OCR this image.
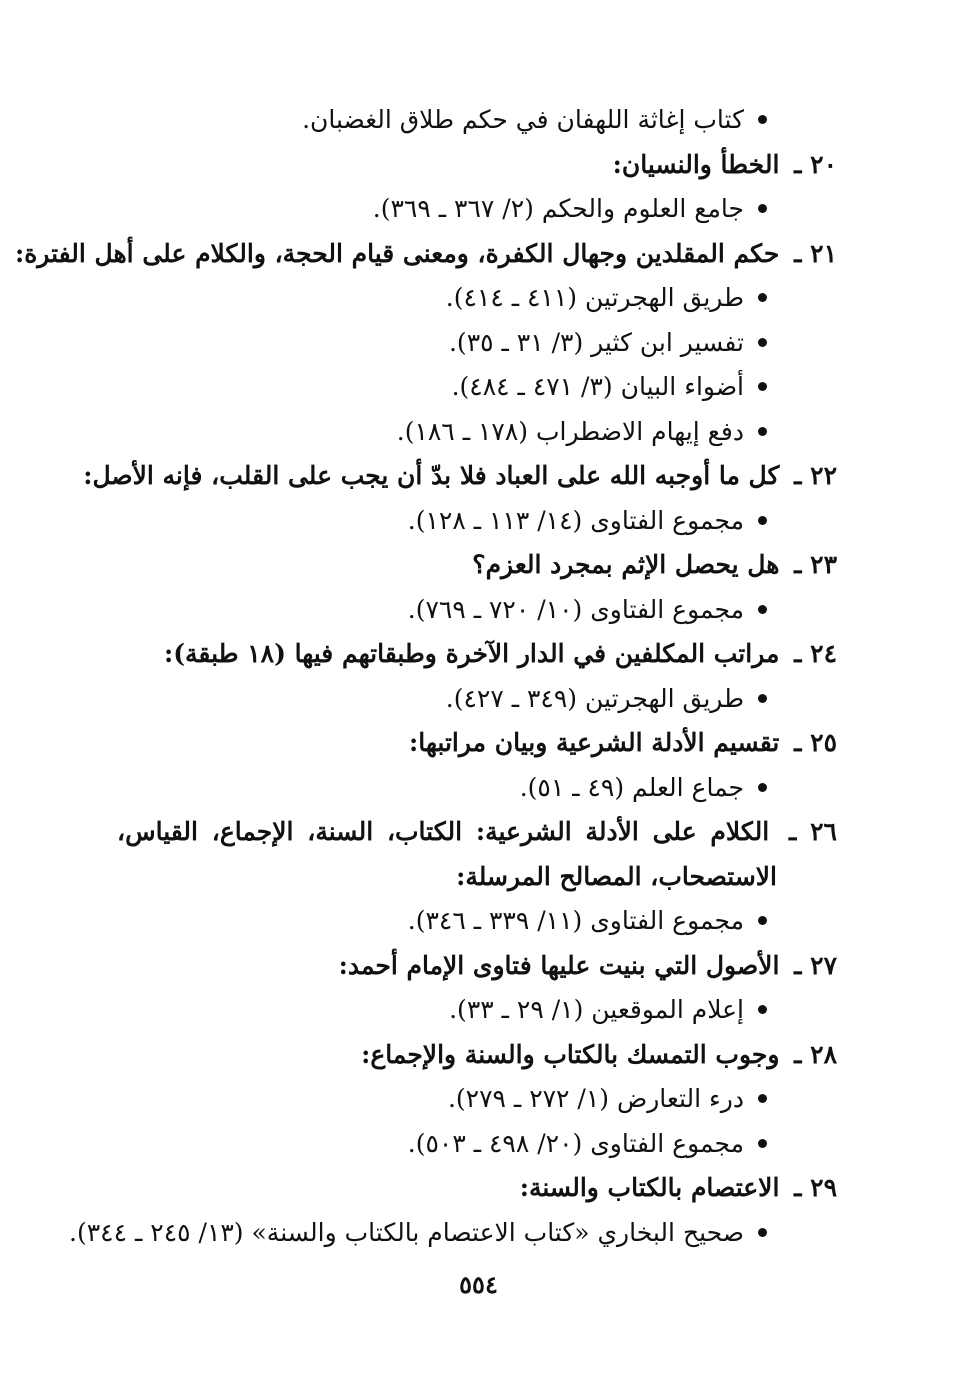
كتاب إغاثة اللهفان في حكم طلاق الغضبان.
٢٠ ـ الخطأ والنسيان:
جامع العلوم والحكم (٢/ ٣٦٧ ـ ٣٦٩).
٢١ ـ حكم المقلدين وجهال الكفرة، ومعنى قيام الحجة، والكلام على أهل الفترة:
طريق الهجرتين (٤١١ ـ ٤١٤).
تفسير ابن كثير (٣/ ٣١ ـ ٣٥).
أضواء البيان (٣/ ٤٧١ ـ ٤٨٤).
دفع إيهام الاضطراب (١٧٨ ـ ١٨٦).
٢٢ ـ كل ما أوجبه الله على العباد فلا بدّ أن يجب على القلب، فإنه الأصل:
مجموع الفتاوى (١٤/ ١١٣ ـ ١٢٨).
٢٣ ـ هل يحصل الإثم بمجرد العزم؟
مجموع الفتاوى (١٠/ ٧٢٠ ـ ٧٦٩).
٢٤ ـ مراتب المكلفين في الدار الآخرة وطبقاتهم فيها (١٨ طبقة):
طريق الهجرتين (٣٤٩ ـ ٤٢٧).
٢٥ ـ تقسيم الأدلة الشرعية وبيان مراتبها:
جماع العلم (٤٩ ـ ٥١).
٢٦ ـ الكلام على الأدلة الشرعية: الكتاب، السنة، الإجماع، القياس،
الاستصحاب، المصالح المرسلة:
مجموع الفتاوى (١١/ ٣٣٩ ـ ٣٤٦).
٢٧ ـ الأصول التي بنيت عليها فتاوى الإمام أحمد:
إعلام الموقعين (١/ ٢٩ ـ ٣٣).
٢٨ ـ وجوب التمسك بالكتاب والسنة والإجماع:
درء التعارض (١/ ٢٧٢ ـ ٢٧٩).
مجموع الفتاوى (٢٠/ ٤٩٨ ـ ٥٠٣).
٢٩ ـ الاعتصام بالكتاب والسنة:
صحيح البخاري «كتاب الاعتصام بالكتاب والسنة» (١٣/ ٢٤٥ ـ ٣٤٤).
٥٥٤
